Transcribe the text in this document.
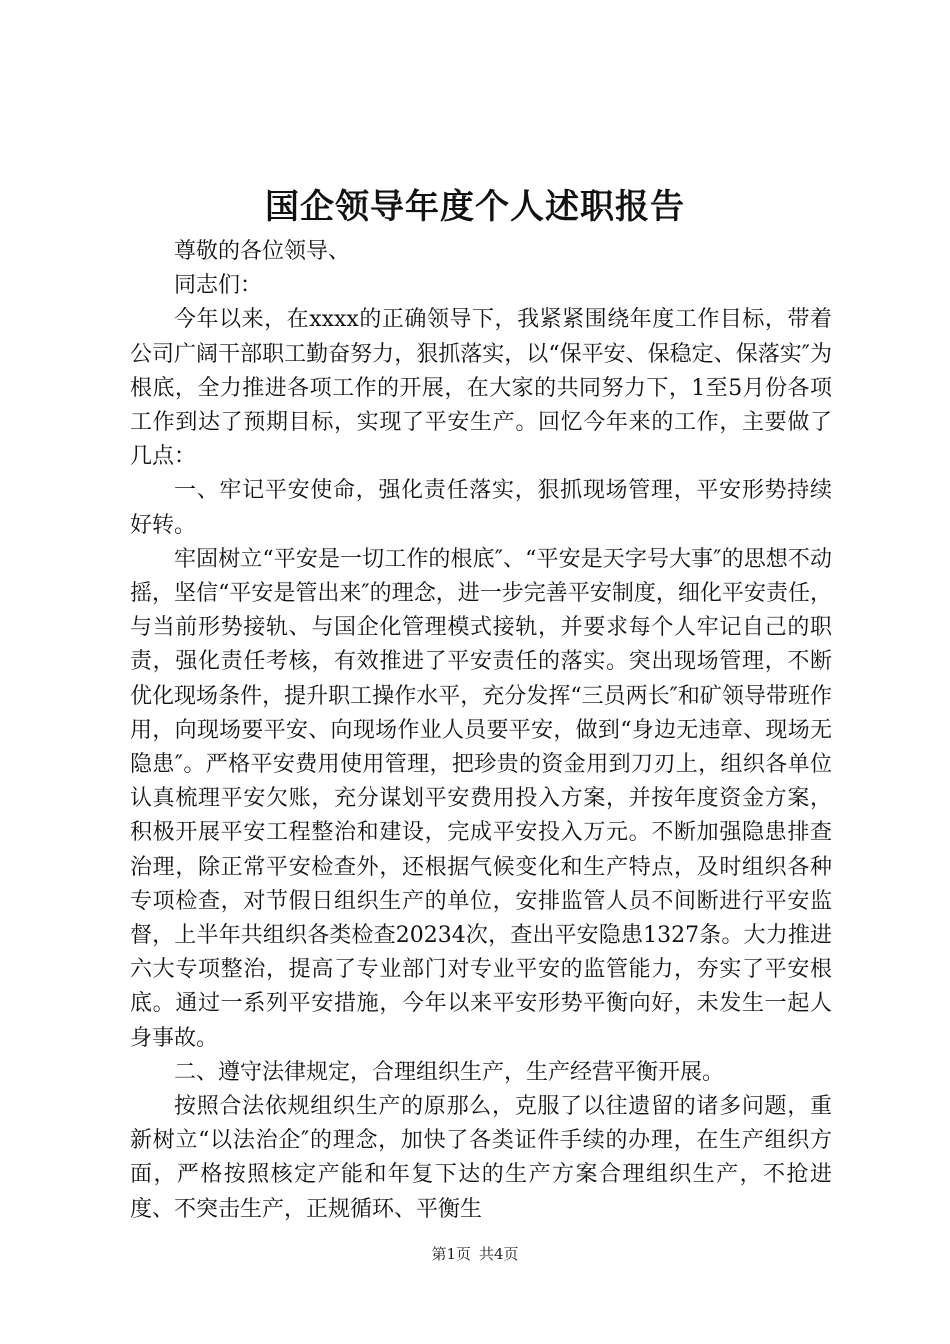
国企领导年度个人述职报告

尊敬的各位领导、

同志们：

今年以来，在xxxx的正确领导下，我紧紧围绕年度工作目标，带着公司广阔干部职工勤奋努力，狠抓落实，以“保平安、保稳定、保落实″为根底，全力推进各项工作的开展，在大家的共同努力下，1至5月份各项工作到达了预期目标，实现了平安生产。回忆今年来的工作，主要做了几点：

一、牢记平安使命，强化责任落实，狠抓现场管理，平安形势持续好转。

牢固树立“平安是一切工作的根底″、“平安是天字号大事″的思想不动摇，坚信“平安是管出来″的理念，进一步完善平安制度，细化平安责任，与当前形势接轨、与国企化管理模式接轨，并要求每个人牢记自己的职责，强化责任考核，有效推进了平安责任的落实。突出现场管理，不断优化现场条件，提升职工操作水平，充分发挥“三员两长″和矿领导带班作用，向现场要平安、向现场作业人员要平安，做到“身边无违章、现场无隐患″。严格平安费用使用管理，把珍贵的资金用到刀刃上，组织各单位认真梳理平安欠账，充分谋划平安费用投入方案，并按年度资金方案，积极开展平安工程整治和建设，完成平安投入万元。不断加强隐患排查治理，除正常平安检查外，还根据气候变化和生产特点，及时组织各种专项检查，对节假日组织生产的单位，安排监管人员不间断进行平安监督，上半年共组织各类检查20234次，查出平安隐患1327条。大力推进六大专项整治，提高了专业部门对专业平安的监管能力，夯实了平安根底。通过一系列平安措施，今年以来平安形势平衡向好，未发生一起人身事故。

二、遵守法律规定，合理组织生产，生产经营平衡开展。

按照合法依规组织生产的原那么，克服了以往遗留的诸多问题，重新树立“以法治企″的理念，加快了各类证件手续的办理，在生产组织方面，严格按照核定产能和年复下达的生产方案合理组织生产，不抢进度、不突击生产，正规循环、平衡生

第1页 共4页
